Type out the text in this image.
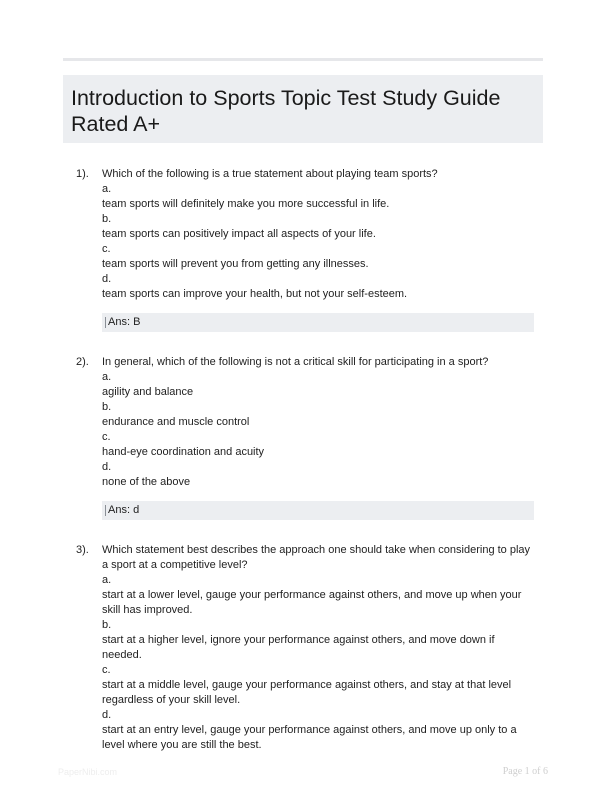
Introduction to Sports Topic Test Study Guide Rated A+
1). Which of the following is a true statement about playing team sports?
a.
team sports will definitely make you more successful in life.
b.
team sports can positively impact all aspects of your life.
c.
team sports will prevent you from getting any illnesses.
d.
team sports can improve your health, but not your self-esteem.
Ans: B
2). In general, which of the following is not a critical skill for participating in a sport?
a.
agility and balance
b.
endurance and muscle control
c.
hand-eye coordination and acuity
d.
none of the above
Ans: d
3). Which statement best describes the approach one should take when considering to play a sport at a competitive level?
a.
start at a lower level, gauge your performance against others, and move up when your skill has improved.
b.
start at a higher level, ignore your performance against others, and move down if needed.
c.
start at a middle level, gauge your performance against others, and stay at that level regardless of your skill level.
d.
start at an entry level, gauge your performance against others, and move up only to a level where you are still the best.
PaperNibi.com	Page 1 of 6
